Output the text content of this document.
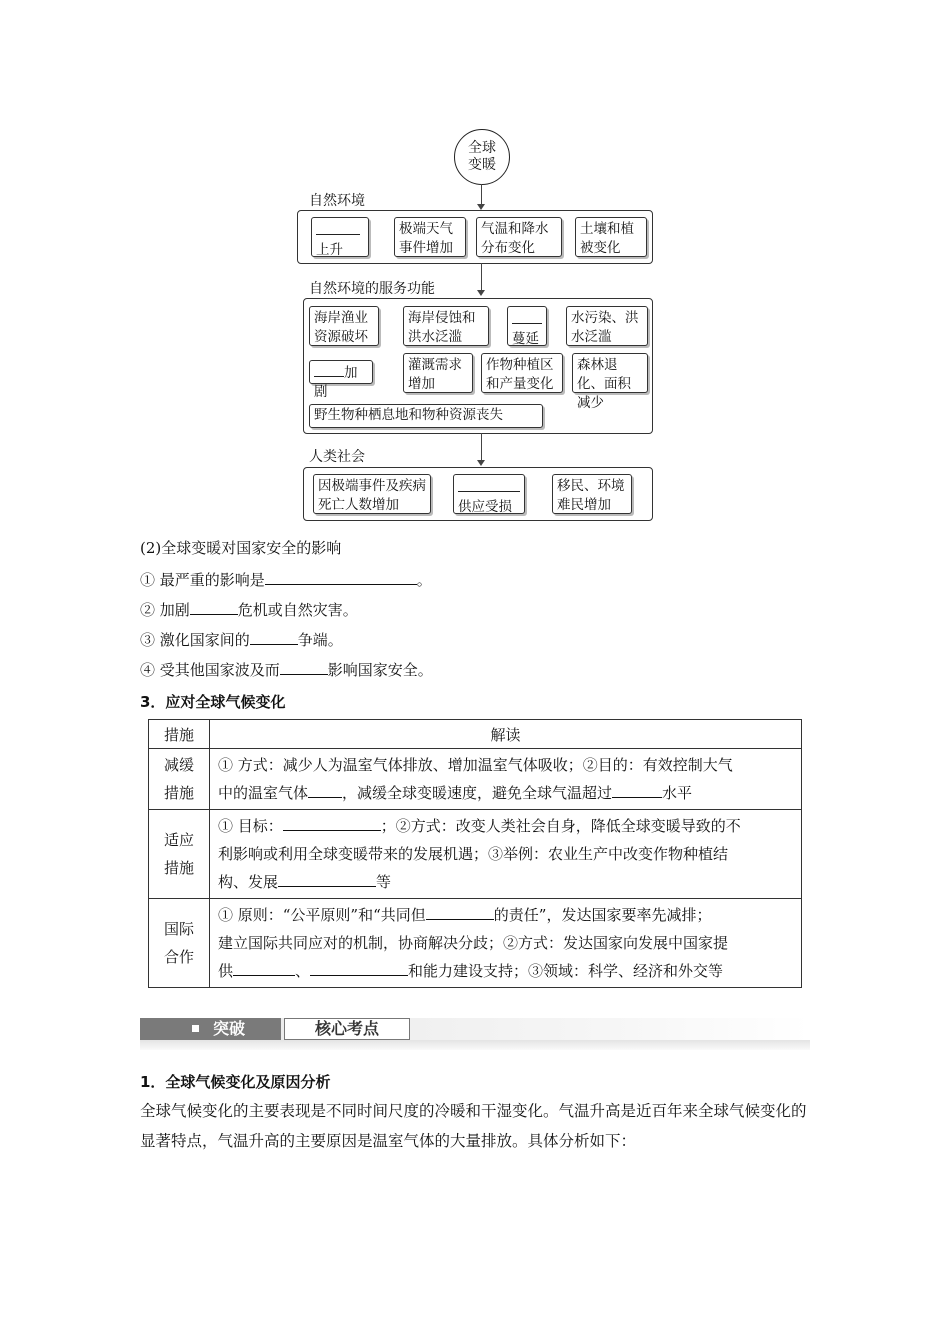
全球变暖
自然环境

上升
极端天气事件增加
气温和降水分布变化
土壤和植被变化
自然环境的服务功能
海岸渔业资源破坏
海岸侵蚀和洪水泛滥	蔓延
水污染、洪水泛滥
加剧
灌溉需求增加
作物种植区和产量变化
森林退化、面积减少
野生物种栖息地和物种资源丧失
人类社会
因极端事件及疾病死亡人数增加	供应受损
移民、环境难民增加
(2)全球变暖对国家安全的影响
① 最严重的影响是	。
② 加剧	危机或自然灾害。
③ 激化国家间的	争端。
④ 受其他国家波及而	影响国家安全。
3．应对全球气候变化
措施	解读
减缓措施	① 方式：减少人为温室气体排放、增加温室气体吸收；②目的：有效控制大气
中的温室气体 ，减缓全球变暖速度，避免全球气温超过 水平
适应措施	① 目标： ；②方式：改变人类社会自身，降低全球变暖导致的不
利影响或利用全球变暖带来的发展机遇；③举例：农业生产中改变作物种植结
构、发展 等
国际合作	① 原则：“公平原则”和“共同但 的责任”，发达国家要率先减排；
建立国际共同应对的机制，协商解决分歧；②方式：发达国家向发展中国家提
供 、 和能力建设支持；③领域：科学、经济和外交等
突破	核心考点
1．全球气候变化及原因分析
全球气候变化的主要表现是不同时间尺度的冷暖和干湿变化。气温升高是近百年来全球气候变化的显著特点，气温升高的主要原因是温室气体的大量排放。具体分析如下：
